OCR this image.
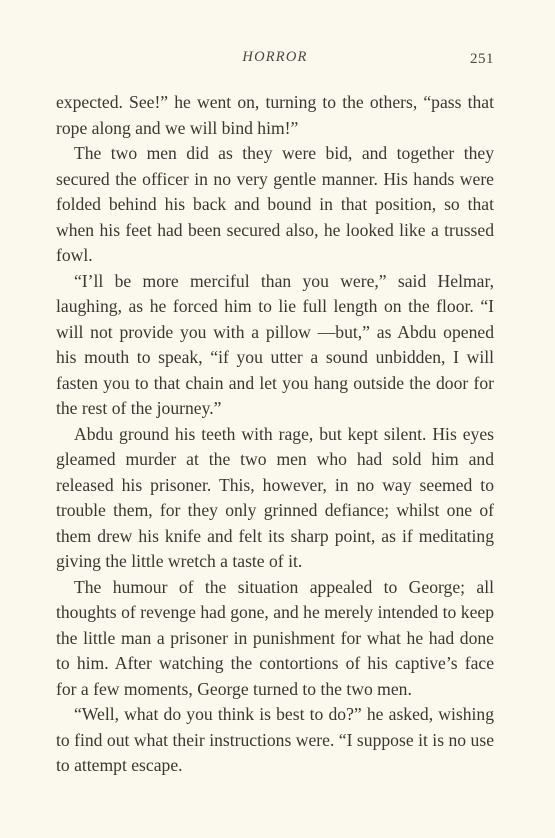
HORROR	251

expected. See!” he went on, turning to the others, “pass that rope along and we will bind him!”

The two men did as they were bid, and together they secured the officer in no very gentle manner. His hands were folded behind his back and bound in that position, so that when his feet had been secured also, he looked like a trussed fowl.

“I’ll be more merciful than you were,” said Helmar, laughing, as he forced him to lie full length on the floor. “I will not provide you with a pillow —but,” as Abdu opened his mouth to speak, “if you utter a sound unbidden, I will fasten you to that chain and let you hang outside the door for the rest of the journey.”

Abdu ground his teeth with rage, but kept silent. His eyes gleamed murder at the two men who had sold him and released his prisoner. This, however, in no way seemed to trouble them, for they only grinned defiance; whilst one of them drew his knife and felt its sharp point, as if meditating giving the little wretch a taste of it.

The humour of the situation appealed to George; all thoughts of revenge had gone, and he merely intended to keep the little man a prisoner in punishment for what he had done to him. After watching the contortions of his captive’s face for a few moments, George turned to the two men.

“Well, what do you think is best to do?” he asked, wishing to find out what their instructions were. “I suppose it is no use to attempt escape.
